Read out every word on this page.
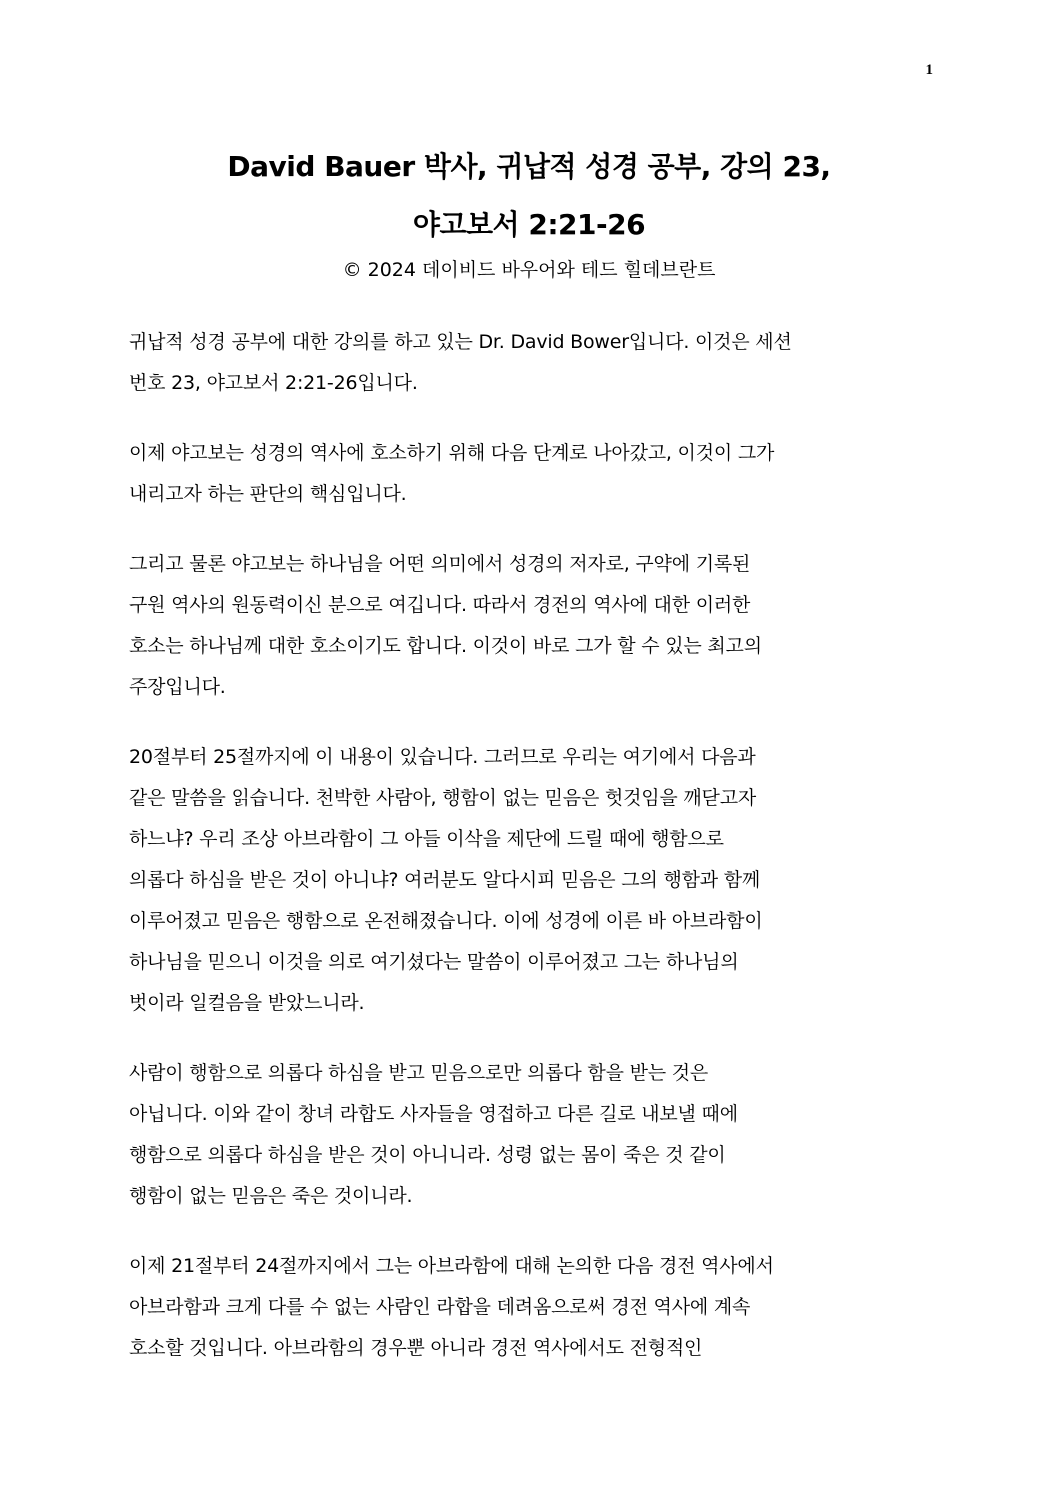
1

David Bauer 박사, 귀납적 성경 공부, 강의 23,

야고보서 2:21-26

© 2024 데이비드 바우어와 테드 힐데브란트

귀납적 성경 공부에 대한 강의를 하고 있는 Dr. David Bower입니다. 이것은 세션
번호 23, 야고보서 2:21-26입니다.

이제 야고보는 성경의 역사에 호소하기 위해 다음 단계로 나아갔고, 이것이 그가
내리고자 하는 판단의 핵심입니다.

그리고 물론 야고보는 하나님을 어떤 의미에서 성경의 저자로, 구약에 기록된
구원 역사의 원동력이신 분으로 여깁니다. 따라서 경전의 역사에 대한 이러한
호소는 하나님께 대한 호소이기도 합니다. 이것이 바로 그가 할 수 있는 최고의
주장입니다.

20절부터 25절까지에 이 내용이 있습니다. 그러므로 우리는 여기에서 다음과
같은 말씀을 읽습니다. 천박한 사람아, 행함이 없는 믿음은 헛것임을 깨닫고자
하느냐? 우리 조상 아브라함이 그 아들 이삭을 제단에 드릴 때에 행함으로
의롭다 하심을 받은 것이 아니냐? 여러분도 알다시피 믿음은 그의 행함과 함께
이루어졌고 믿음은 행함으로 온전해졌습니다. 이에 성경에 이른 바 아브라함이
하나님을 믿으니 이것을 의로 여기셨다는 말씀이 이루어졌고 그는 하나님의
벗이라 일컬음을 받았느니라.

사람이 행함으로 의롭다 하심을 받고 믿음으로만 의롭다 함을 받는 것은
아닙니다. 이와 같이 창녀 라합도 사자들을 영접하고 다른 길로 내보낼 때에
행함으로 의롭다 하심을 받은 것이 아니니라. 성령 없는 몸이 죽은 것 같이
행함이 없는 믿음은 죽은 것이니라.

이제 21절부터 24절까지에서 그는 아브라함에 대해 논의한 다음 경전 역사에서
아브라함과 크게 다를 수 없는 사람인 라합을 데려옴으로써 경전 역사에 계속
호소할 것입니다. 아브라함의 경우뿐 아니라 경전 역사에서도 전형적인
